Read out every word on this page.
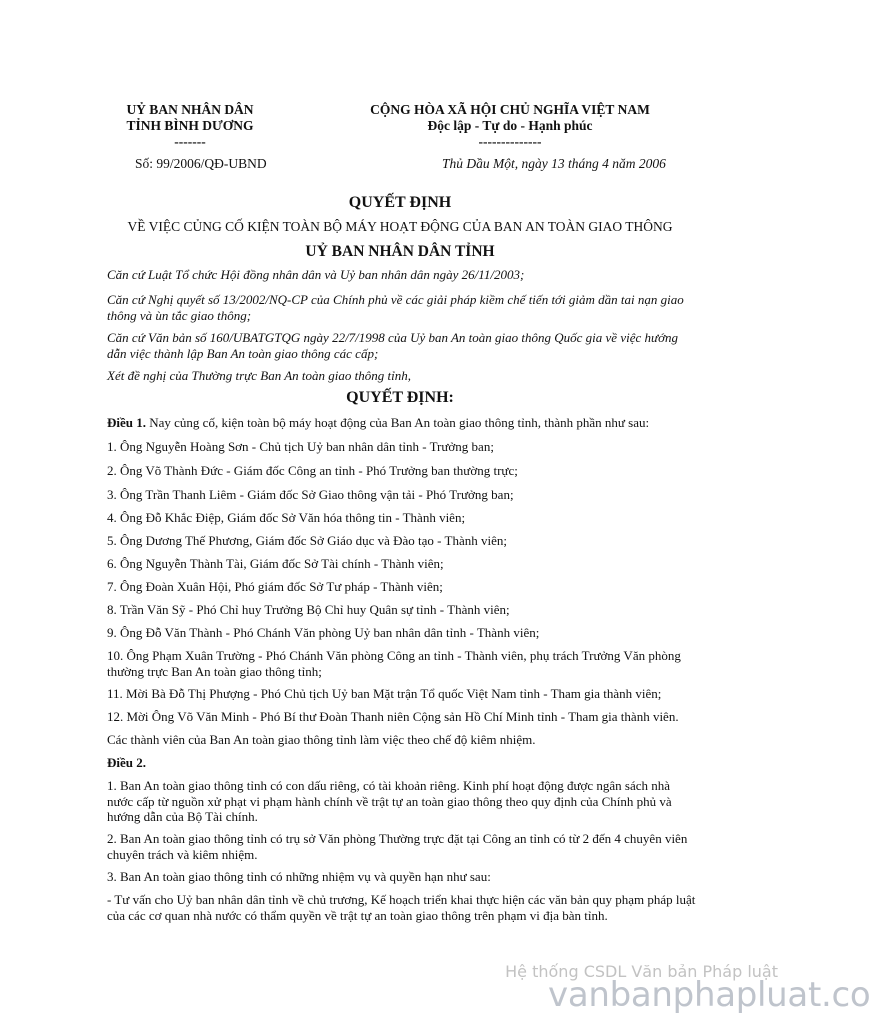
UỶ BAN NHÂN DÂN
TỈNH BÌNH DƯƠNG
-------
CỘNG HÒA XÃ HỘI CHỦ NGHĨA VIỆT NAM
Độc lập - Tự do - Hạnh phúc
--------------
Số: 99/2006/QĐ-UBND	Thủ Dầu Một, ngày 13 tháng 4 năm 2006
QUYẾT ĐỊNH
VỀ VIỆC CỦNG CỐ KIỆN TOÀN BỘ MÁY HOẠT ĐỘNG CỦA BAN AN TOÀN GIAO THÔNG
UỶ BAN NHÂN DÂN TỈNH
Căn cứ Luật Tổ chức Hội đồng nhân dân và Uỷ ban nhân dân ngày 26/11/2003;
Căn cứ Nghị quyết số 13/2002/NQ-CP của Chính phủ về các giải pháp kiềm chế tiến tới giảm dần tai nạn giao thông và ùn tắc giao thông;
Căn cứ Văn bản số 160/UBATGTQG ngày 22/7/1998 của Uỷ ban An toàn giao thông Quốc gia về việc hướng dẫn việc thành lập Ban An toàn giao thông các cấp;
Xét đề nghị của Thường trực Ban An toàn giao thông tỉnh,
QUYẾT ĐỊNH:
Điều 1. Nay củng cố, kiện toàn bộ máy hoạt động của Ban An toàn giao thông tỉnh, thành phần như sau:
1. Ông Nguyễn Hoàng Sơn - Chủ tịch Uỷ ban nhân dân tỉnh - Trưởng ban;
2. Ông Võ Thành Đức - Giám đốc Công an tỉnh - Phó Trưởng ban thường trực;
3. Ông Trần Thanh Liêm - Giám đốc Sở Giao thông vận tải - Phó Trưởng ban;
4. Ông Đỗ Khắc Điệp, Giám đốc Sở Văn hóa thông tin - Thành viên;
5. Ông Dương Thế Phương, Giám đốc Sở Giáo dục và Đào tạo - Thành viên;
6. Ông Nguyễn Thành Tài, Giám đốc Sở Tài chính - Thành viên;
7. Ông Đoàn Xuân Hội, Phó giám đốc Sở Tư pháp - Thành viên;
8. Trần Văn Sỹ - Phó Chỉ huy Trưởng Bộ Chỉ huy Quân sự tỉnh - Thành viên;
9. Ông Đỗ Văn Thành - Phó Chánh Văn phòng Uỷ ban nhân dân tỉnh - Thành viên;
10. Ông Phạm Xuân Trường - Phó Chánh Văn phòng Công an tỉnh - Thành viên, phụ trách Trưởng Văn phòng thường trực Ban An toàn giao thông tỉnh;
11. Mời Bà Đỗ Thị Phượng - Phó Chủ tịch Uỷ ban Mặt trận Tổ quốc Việt Nam tỉnh - Tham gia thành viên;
12. Mời Ông Võ Văn Minh - Phó Bí thư Đoàn Thanh niên Cộng sản Hồ Chí Minh tỉnh - Tham gia thành viên.
Các thành viên của Ban An toàn giao thông tỉnh làm việc theo chế độ kiêm nhiệm.
Điều 2.
1. Ban An toàn giao thông tỉnh có con dấu riêng, có tài khoản riêng. Kinh phí hoạt động được ngân sách nhà nước cấp từ nguồn xử phạt vi phạm hành chính về trật tự an toàn giao thông theo quy định của Chính phủ và hướng dẫn của Bộ Tài chính.
2. Ban An toàn giao thông tỉnh có trụ sở Văn phòng Thường trực đặt tại Công an tỉnh có từ 2 đến 4 chuyên viên chuyên trách và kiêm nhiệm.
3. Ban An toàn giao thông tỉnh có những nhiệm vụ và quyền hạn như sau:
- Tư vấn cho Uỷ ban nhân dân tỉnh về chủ trương, Kế hoạch triển khai thực hiện các văn bản quy phạm pháp luật của các cơ quan nhà nước có thẩm quyền về trật tự an toàn giao thông trên phạm vi địa bàn tỉnh.
Hệ thống CSDL Văn bản Pháp luật
vanbanphapluat.co
